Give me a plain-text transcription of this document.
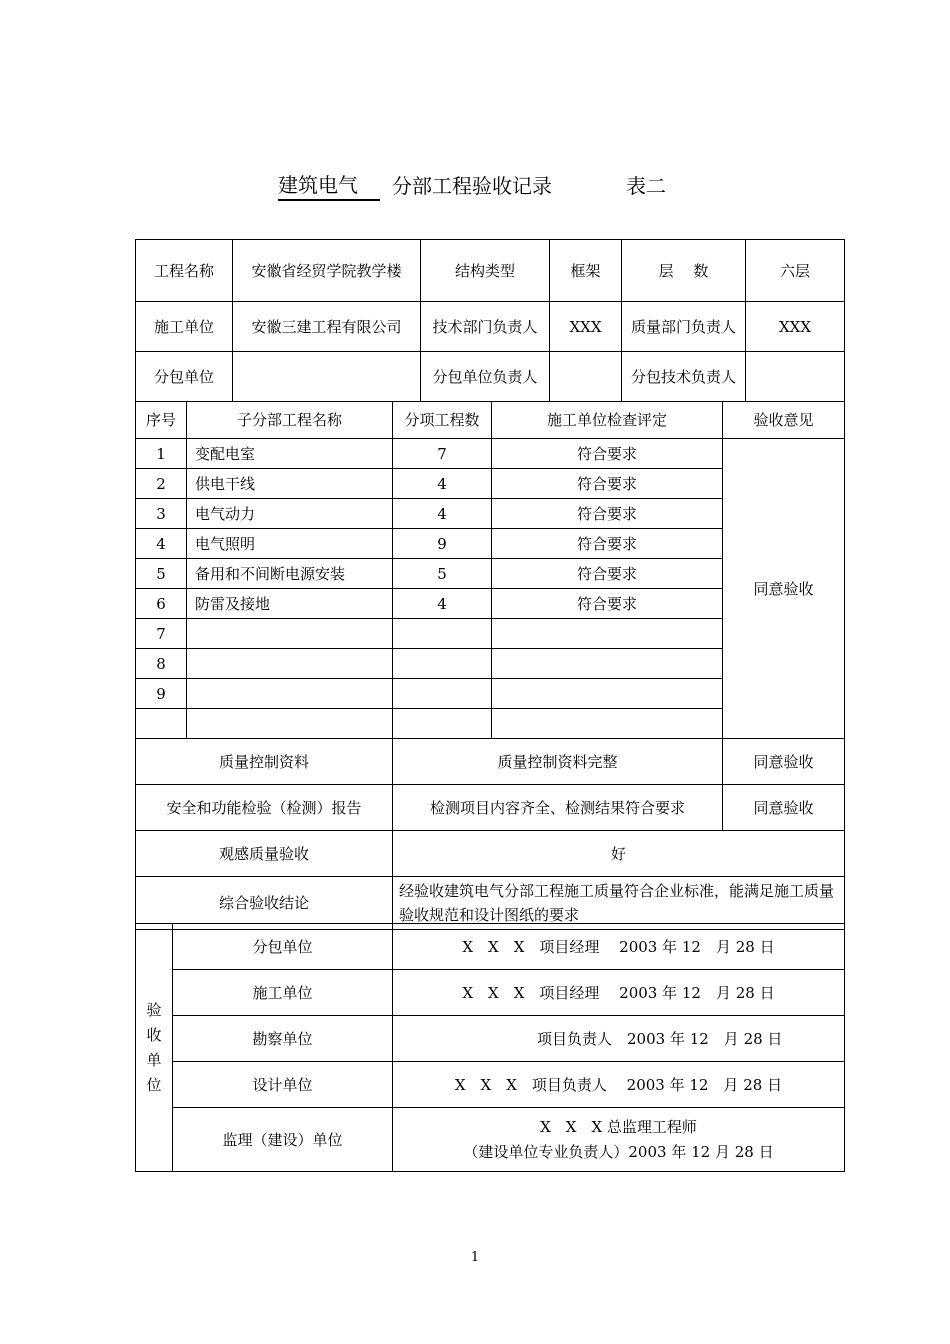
建筑电气	分部工程验收记录	表二
工程名称	安徽省经贸学院教学楼	结构类型	框架	层　 数	六层
施工单位	安徽三建工程有限公司	技术部门负责人	XXX	质量部门负责人	XXX
分包单位		分包单位负责人		分包技术负责人	
序号	子分部工程名称	分项工程数	施工单位检查评定	验收意见
1	变配电室	7	符合要求	同意验收
2	供电干线	4	符合要求	
3	电气动力	4	符合要求	
4	电气照明	9	符合要求	
5	备用和不间断电源安装	5	符合要求	
6	防雷及接地	4	符合要求	
7				
8				
9				

质量控制资料		质量控制资料完整		同意验收
安全和功能检验（检测）报告		检测项目内容齐全、检测结果符合要求		同意验收
观感质量验收		好		
综合验收结论		经验收建筑电气分部工程施工质量符合企业标准，能满足施工质量验收规范和设计图纸的要求		
验收单位	分包单位	X　X　X　项目经理　 2003 年 12　月 28 日
	施工单位	X　X　X　项目经理　 2003 年 12　月 28 日
	勘察单位	项目负责人　2003 年 12　月 28 日
	设计单位	X　X　X　项目负责人　 2003 年 12　月 28 日
	监理（建设）单位	X　X　X 总监理工程师
（建设单位专业负责人）2003 年 12 月 28 日
1
